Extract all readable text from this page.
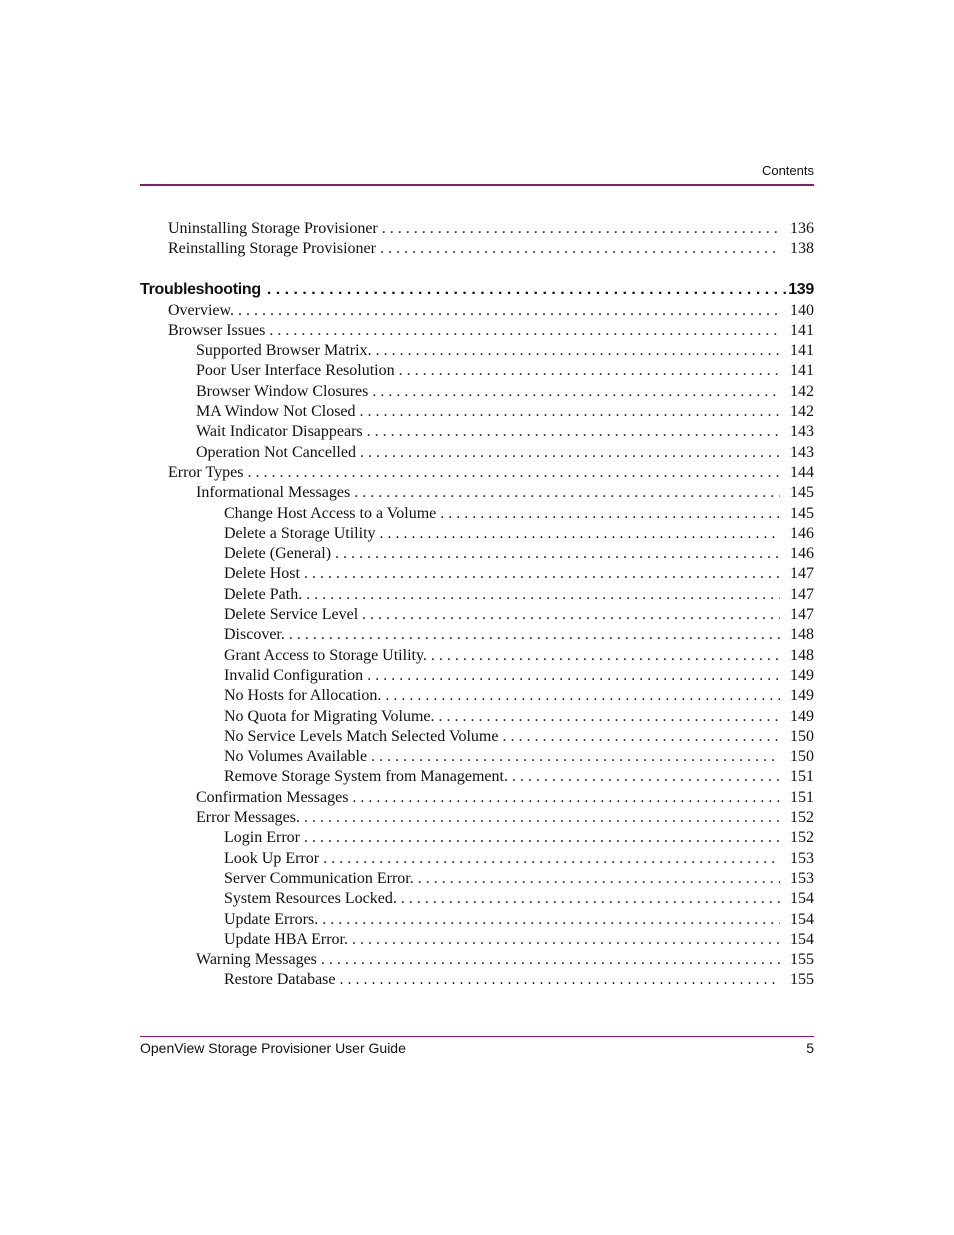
Contents
Uninstalling Storage Provisioner . . .	136
Reinstalling Storage Provisioner . . .	138
Troubleshooting . . .	139
Overview. . . .	140
Browser Issues . . .	141
Supported Browser Matrix. . . .	141
Poor User Interface Resolution . . .	141
Browser Window Closures . . .	142
MA Window Not Closed . . .	142
Wait Indicator Disappears . . .	143
Operation Not Cancelled . . .	143
Error Types . . .	144
Informational Messages . . .	145
Change Host Access to a Volume . . .	145
Delete a Storage Utility . . .	146
Delete (General) . . .	146
Delete Host . . .	147
Delete Path. . . .	147
Delete Service Level . . .	147
Discover. . . .	148
Grant Access to Storage Utility. . . .	148
Invalid Configuration . . .	149
No Hosts for Allocation. . . .	149
No Quota for Migrating Volume. . . .	149
No Service Levels Match Selected Volume . . .	150
No Volumes Available . . .	150
Remove Storage System from Management. . . .	151
Confirmation Messages . . .	151
Error Messages. . . .	152
Login Error . . .	152
Look Up Error . . .	153
Server Communication Error. . . .	153
System Resources Locked. . . .	154
Update Errors. . . .	154
Update HBA Error. . . .	154
Warning Messages . . .	155
Restore Database . . .	155
OpenView Storage Provisioner User Guide	5
